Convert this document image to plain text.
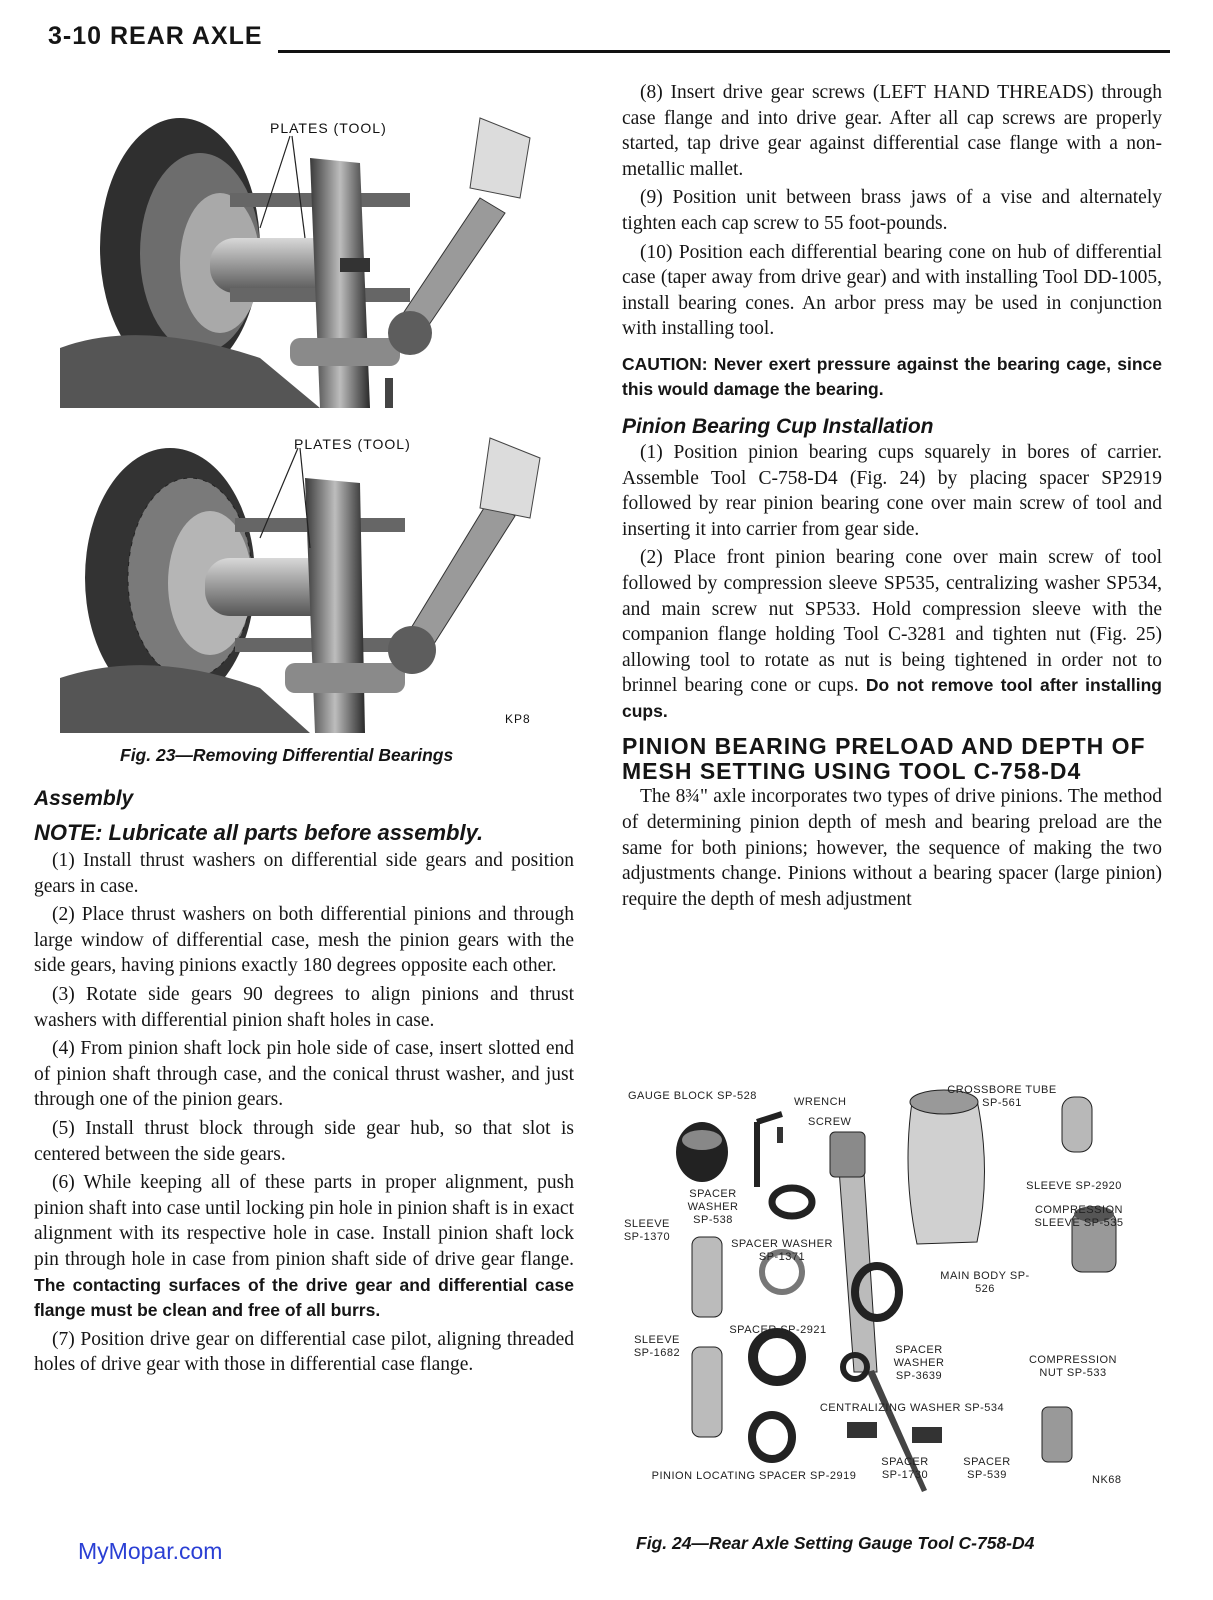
3-10 REAR AXLE
PLATES (TOOL)
PLATES (TOOL)
KP8
Fig. 23—Removing Differential Bearings
Assembly
NOTE: Lubricate all parts before assembly.

(1) Install thrust washers on differential side gears and position gears in case.

(2) Place thrust washers on both differential pinions and through large window of differential case, mesh the pinion gears with the side gears, having pinions exactly 180 degrees opposite each other.

(3) Rotate side gears 90 degrees to align pinions and thrust washers with differential pinion shaft holes in case.

(4) From pinion shaft lock pin hole side of case, insert slotted end of pinion shaft through case, and the conical thrust washer, and just through one of the pinion gears.

(5) Install thrust block through side gear hub, so that slot is centered between the side gears.

(6) While keeping all of these parts in proper alignment, push pinion shaft into case until locking pin hole in pinion shaft is in exact alignment with its respective hole in case. Install pinion shaft lock pin through hole in case from pinion shaft side of drive gear flange. The contacting surfaces of the drive gear and differential case flange must be clean and free of all burrs.

(7) Position drive gear on differential case pilot, aligning threaded holes of drive gear with those in differential case flange.

(8) Insert drive gear screws (LEFT HAND THREADS) through case flange and into drive gear. After all cap screws are properly started, tap drive gear against differential case flange with a non-metallic mallet.

(9) Position unit between brass jaws of a vise and alternately tighten each cap screw to 55 foot-pounds.

(10) Position each differential bearing cone on hub of differential case (taper away from drive gear) and with installing Tool DD-1005, install bearing cones. An arbor press may be used in conjunction with installing tool.

CAUTION: Never exert pressure against the bearing cage, since this would damage the bearing.
Pinion Bearing Cup Installation

(1) Position pinion bearing cups squarely in bores of carrier. Assemble Tool C-758-D4 (Fig. 24) by placing spacer SP2919 followed by rear pinion bearing cone over main screw of tool and inserting it into carrier from gear side.

(2) Place front pinion bearing cone over main screw of tool followed by compression sleeve SP535, centralizing washer SP534, and main screw nut SP533. Hold compression sleeve with the companion flange holding Tool C-3281 and tighten nut (Fig. 25) allowing tool to rotate as nut is being tightened in order not to brinnel bearing cone or cups. Do not remove tool after installing cups.

PINION BEARING PRELOAD AND DEPTH OF MESH SETTING USING TOOL C-758-D4

The 8¾" axle incorporates two types of drive pinions. The method of determining pinion depth of mesh and bearing preload are the same for both pinions; however, the sequence of making the two adjustments change. Pinions without a bearing spacer (large pinion) require the depth of mesh adjustment

GAUGE BLOCK SP-528	WRENCH
SCREW
CROSSBORE TUBE SP-561
SLEEVE SP-2920
SPACER WASHER SP-538
SLEEVE SP-1370
SPACER WASHER SP-1371
COMPRESSION SLEEVE SP-535
MAIN BODY SP-526
SPACER SP-2921
SLEEVE SP-1682	SPACER WASHER SP-3639
COMPRESSION NUT SP-533
CENTRALIZING WASHER SP-534
PINION LOCATING SPACER SP-2919
SPACER SP-1730
SPACER SP-539	NK68
Fig. 24—Rear Axle Setting Gauge Tool C-758-D4
MyMopar.com
